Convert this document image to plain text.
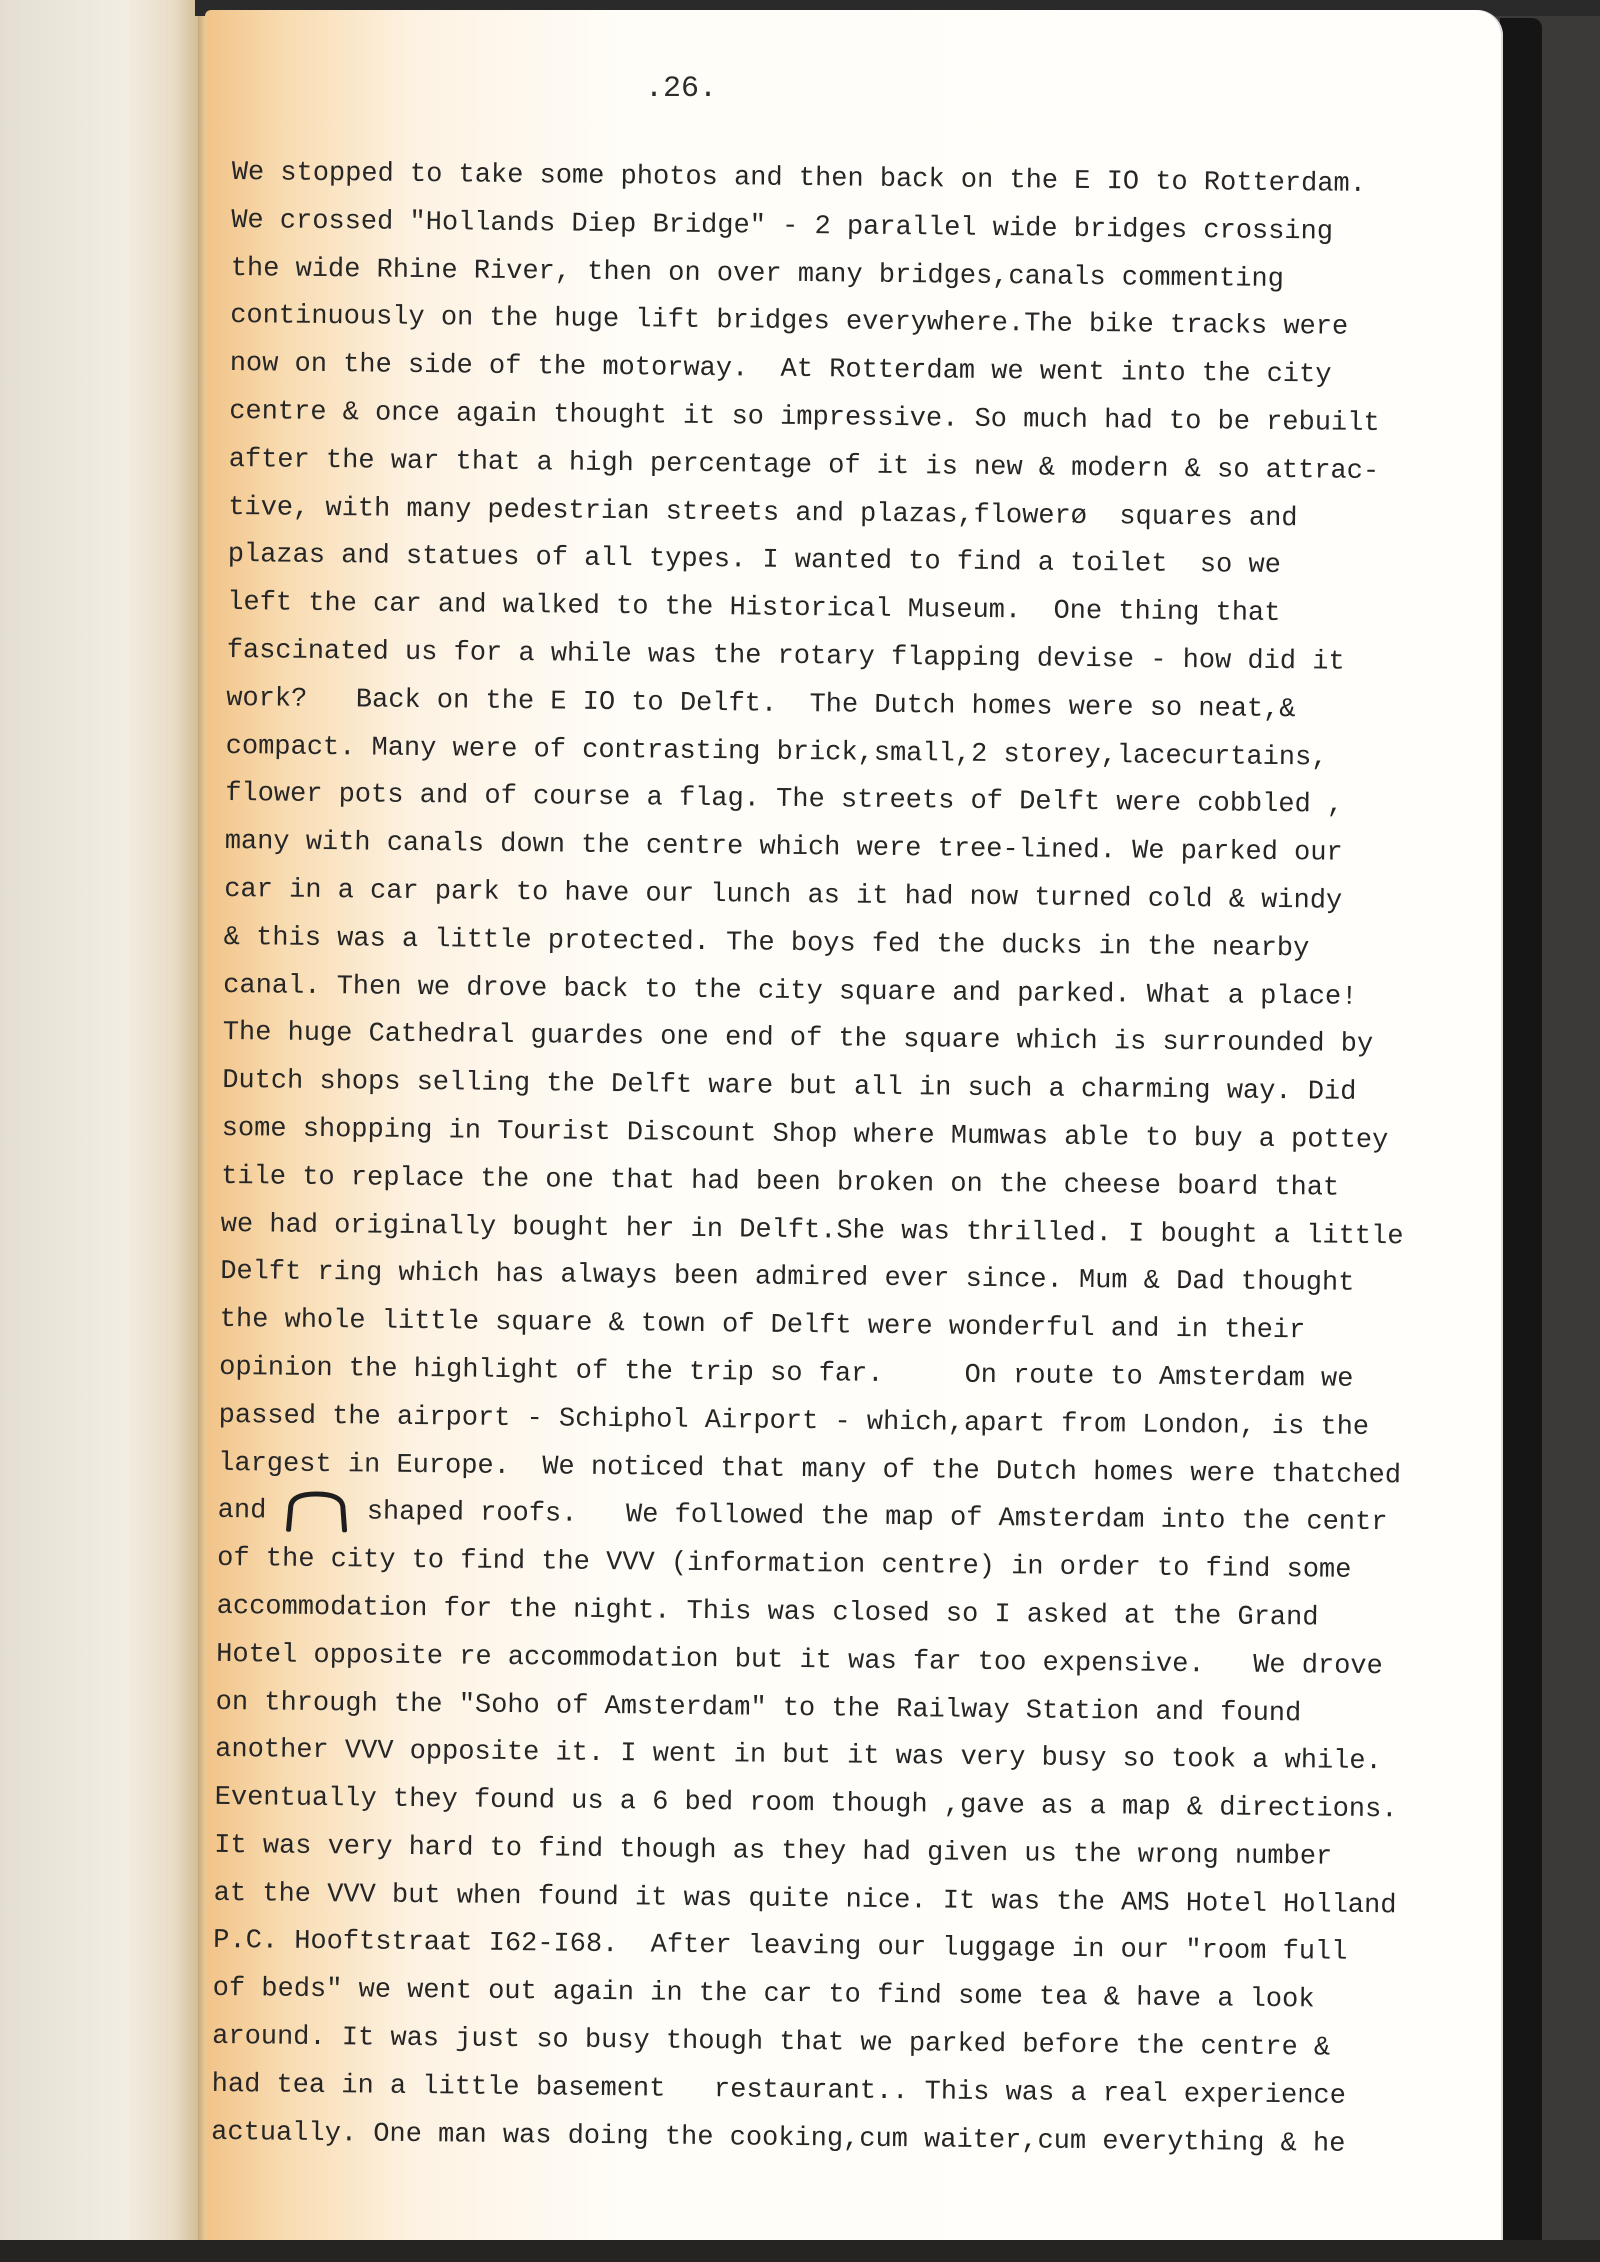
.26.

We stopped to take some photos and then back on the E IO to Rotterdam.
We crossed "Hollands Diep Bridge" - 2 parallel wide bridges crossing
the wide Rhine River, then on over many bridges,canals commenting
continuously on the huge lift bridges everywhere.The bike tracks were
now on the side of the motorway.  At Rotterdam we went into the city
centre & once again thought it so impressive. So much had to be rebuilt
after the war that a high percentage of it is new & modern & so attrac-
tive, with many pedestrian streets and plazas,flowerø  squares and
plazas and statues of all types. I wanted to find a toilet  so we
left the car and walked to the Historical Museum.  One thing that
fascinated us for a while was the rotary flapping devise - how did it
work?   Back on the E IO to Delft.  The Dutch homes were so neat,&
compact. Many were of contrasting brick,small,2 storey,lacecurtains,
flower pots and of course a flag. The streets of Delft were cobbled ,
many with canals down the centre which were tree-lined. We parked our
car in a car park to have our lunch as it had now turned cold & windy
& this was a little protected. The boys fed the ducks in the nearby
canal. Then we drove back to the city square and parked. What a place!
The huge Cathedral guardes one end of the square which is surrounded by
Dutch shops selling the Delft ware but all in such a charming way. Did
some shopping in Tourist Discount Shop where Mumwas able to buy a pottey
tile to replace the one that had been broken on the cheese board that
we had originally bought her in Delft.She was thrilled. I bought a little
Delft ring which has always been admired ever since. Mum & Dad thought
the whole little square & town of Delft were wonderful and in their
opinion the highlight of the trip so far.     On route to Amsterdam we
passed the airport - Schiphol Airport - which,apart from London, is the
largest in Europe.  We noticed that many of the Dutch homes were thatched
and	shaped roofs.   We followed the map of Amsterdam into the centr
of the city to find the VVV (information centre) in order to find some
accommodation for the night. This was closed so I asked at the Grand
Hotel opposite re accommodation but it was far too expensive.   We drove
on through the "Soho of Amsterdam" to the Railway Station and found
another VVV opposite it. I went in but it was very busy so took a while.
Eventually they found us a 6 bed room though ,gave as a map & directions.
It was very hard to find though as they had given us the wrong number
at the VVV but when found it was quite nice. It was the AMS Hotel Holland
P.C. Hooftstraat I62-I68.  After leaving our luggage in our "room full
of beds" we went out again in the car to find some tea & have a look
around. It was just so busy though that we parked before the centre &
had tea in a little basement   restaurant.. This was a real experience
actually. One man was doing the cooking,cum waiter,cum everything & he
